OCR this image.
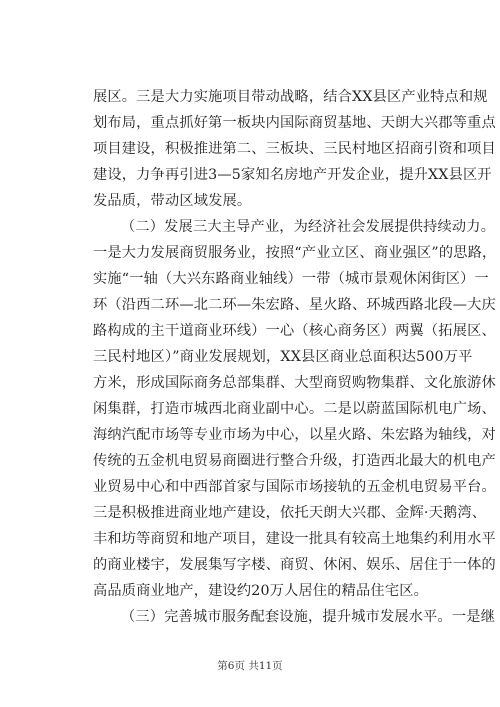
展区。三是大力实施项目带动战略，结合XX县区产业特点和规
划布局，重点抓好第一板块内国际商贸基地、天朗大兴郡等重点
项目建设，积极推进第二、三板块、三民村地区招商引资和项目
建设，力争再引进3—5家知名房地产开发企业，提升XX县区开
发品质，带动区域发展。
（二）发展三大主导产业，为经济社会发展提供持续动力。
一是大力发展商贸服务业，按照“产业立区、商业强区”的思路，
实施“一轴（大兴东路商业轴线）一带（城市景观休闲街区）一
环（沿西二环—北二环—朱宏路、星火路、环城西路北段—大庆
路构成的主干道商业环线）一心（核心商务区）两翼（拓展区、
三民村地区）”商业发展规划，XX县区商业总面积达500万平
方米，形成国际商务总部集群、大型商贸购物集群、文化旅游休
闲集群，打造市城西北商业副中心。二是以蔚蓝国际机电广场、
海纳汽配市场等专业市场为中心，以星火路、朱宏路为轴线，对
传统的五金机电贸易商圈进行整合升级，打造西北最大的机电产
业贸易中心和中西部首家与国际市场接轨的五金机电贸易平台。
三是积极推进商业地产建设，依托天朗大兴郡、金辉·天鹅湾、
丰和坊等商贸和地产项目，建设一批具有较高土地集约利用水平
的商业楼宇，发展集写字楼、商贸、休闲、娱乐、居住于一体的
高品质商业地产，建设约20万人居住的精品住宅区。
（三）完善城市服务配套设施，提升城市发展水平。一是继
第6页 共11页
